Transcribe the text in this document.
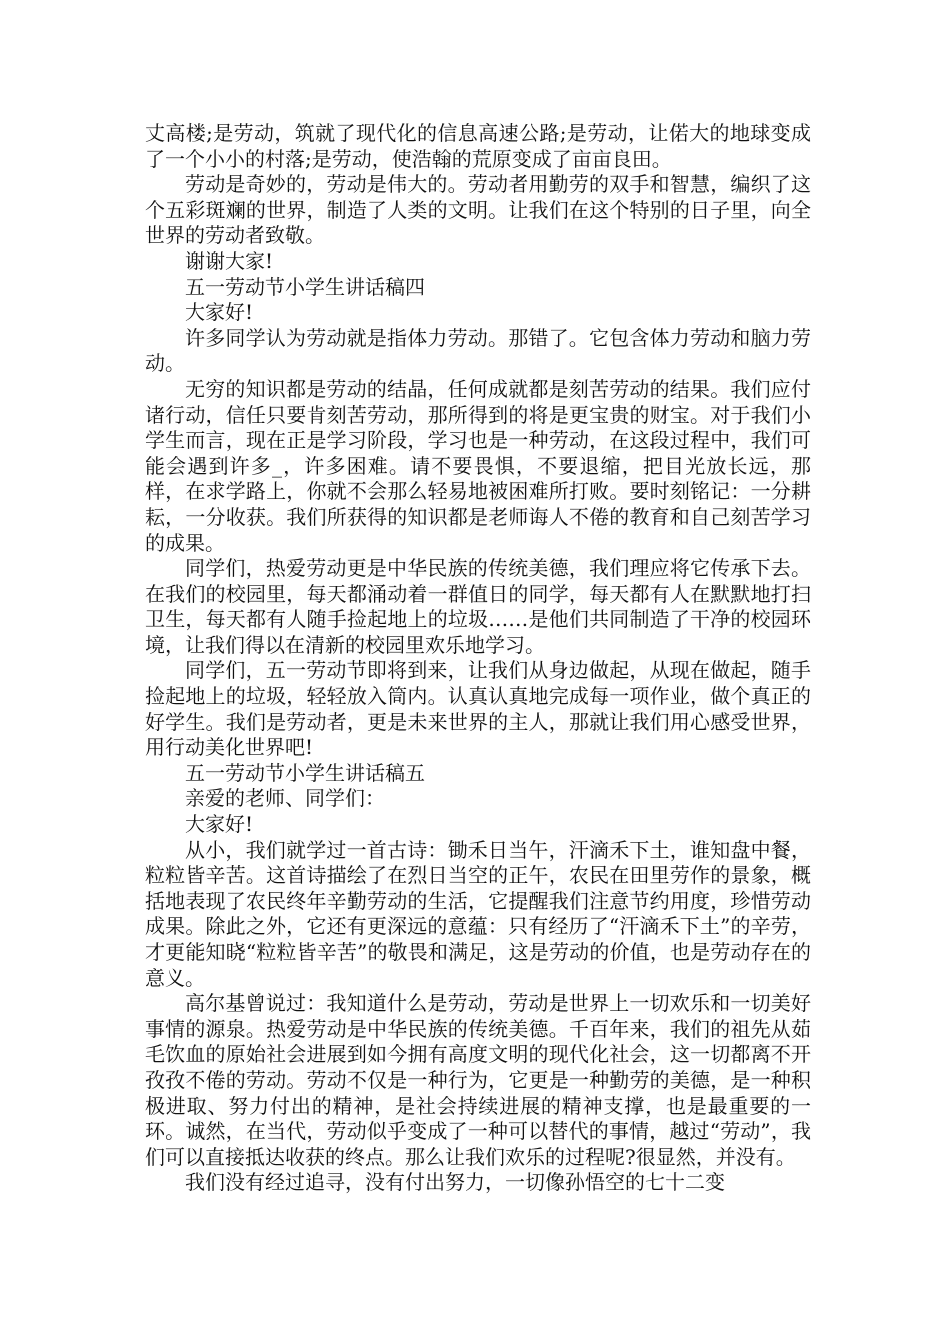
丈高楼;是劳动，筑就了现代化的信息高速公路;是劳动，让偌大的地球变成了一个小小的村落;是劳动，使浩翰的荒原变成了亩亩良田。

劳动是奇妙的，劳动是伟大的。劳动者用勤劳的双手和智慧，编织了这个五彩斑斓的世界，制造了人类的文明。让我们在这个特别的日子里，向全世界的劳动者致敬。

谢谢大家!

五一劳动节小学生讲话稿四

大家好!

许多同学认为劳动就是指体力劳动。那错了。它包含体力劳动和脑力劳动。

无穷的知识都是劳动的结晶，任何成就都是刻苦劳动的结果。我们应付诸行动，信任只要肯刻苦劳动，那所得到的将是更宝贵的财宝。对于我们小学生而言，现在正是学习阶段，学习也是一种劳动，在这段过程中，我们可能会遇到许多_，许多困难。请不要畏惧，不要退缩，把目光放长远，那样，在求学路上，你就不会那么轻易地被困难所打败。要时刻铭记：一分耕耘，一分收获。我们所获得的知识都是老师诲人不倦的教育和自己刻苦学习的成果。

同学们，热爱劳动更是中华民族的传统美德，我们理应将它传承下去。在我们的校园里，每天都涌动着一群值日的同学，每天都有人在默默地打扫卫生，每天都有人随手捡起地上的垃圾……是他们共同制造了干净的校园环境，让我们得以在清新的校园里欢乐地学习。

同学们，五一劳动节即将到来，让我们从身边做起，从现在做起，随手捡起地上的垃圾，轻轻放入筒内。认真认真地完成每一项作业，做个真正的好学生。我们是劳动者，更是未来世界的主人，那就让我们用心感受世界，用行动美化世界吧!

五一劳动节小学生讲话稿五

亲爱的老师、同学们：

大家好!

从小，我们就学过一首古诗：锄禾日当午，汗滴禾下土，谁知盘中餐，粒粒皆辛苦。这首诗描绘了在烈日当空的正午，农民在田里劳作的景象，概括地表现了农民终年辛勤劳动的生活，它提醒我们注意节约用度，珍惜劳动成果。除此之外，它还有更深远的意蕴：只有经历了“汗滴禾下土”的辛劳，才更能知晓“粒粒皆辛苦”的敬畏和满足，这是劳动的价值，也是劳动存在的意义。

高尔基曾说过：我知道什么是劳动，劳动是世界上一切欢乐和一切美好事情的源泉。热爱劳动是中华民族的传统美德。千百年来，我们的祖先从茹毛饮血的原始社会进展到如今拥有高度文明的现代化社会，这一切都离不开孜孜不倦的劳动。劳动不仅是一种行为，它更是一种勤劳的美德，是一种积极进取、努力付出的精神，是社会持续进展的精神支撑，也是最重要的一环。诚然，在当代，劳动似乎变成了一种可以替代的事情，越过“劳动”，我们可以直接抵达收获的终点。那么让我们欢乐的过程呢?很显然，并没有。

我们没有经过追寻，没有付出努力，一切像孙悟空的七十二变
